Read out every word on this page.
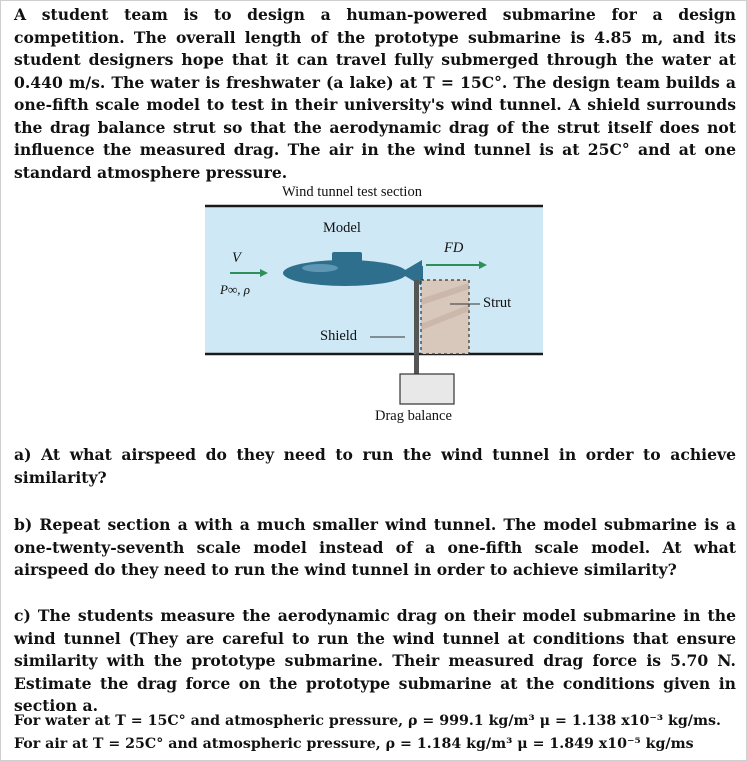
A student team is to design a human-powered submarine for a design competition. The overall length of the prototype submarine is 4.85 m, and its student designers hope that it can travel fully submerged through the water at 0.440 m/s. The water is freshwater (a lake) at T = 15C°. The design team builds a one-fifth scale model to test in their university's wind tunnel. A shield surrounds the drag balance strut so that the aerodynamic drag of the strut itself does not influence the measured drag. The air in the wind tunnel is at 25C° and at one standard atmosphere pressure.

Wind tunnel test section
Model
FD
V
P∞, ρ
Strut
Shield
Drag balance

a) At what airspeed do they need to run the wind tunnel in order to achieve similarity?

b) Repeat section a with a much smaller wind tunnel. The model submarine is a one-twenty-seventh scale model instead of a one-fifth scale model. At what airspeed do they need to run the wind tunnel in order to achieve similarity?

c) The students measure the aerodynamic drag on their model submarine in the wind tunnel (They are careful to run the wind tunnel at conditions that ensure similarity with the prototype submarine. Their measured drag force is 5.70 N. Estimate the drag force on the prototype submarine at the conditions given in section a.

For water at T = 15C° and atmospheric pressure, ρ = 999.1 kg/m³ μ = 1.138 x10⁻³ kg/ms.

For air at T = 25C° and atmospheric pressure, ρ = 1.184 kg/m³ μ = 1.849 x10⁻⁵ kg/ms
